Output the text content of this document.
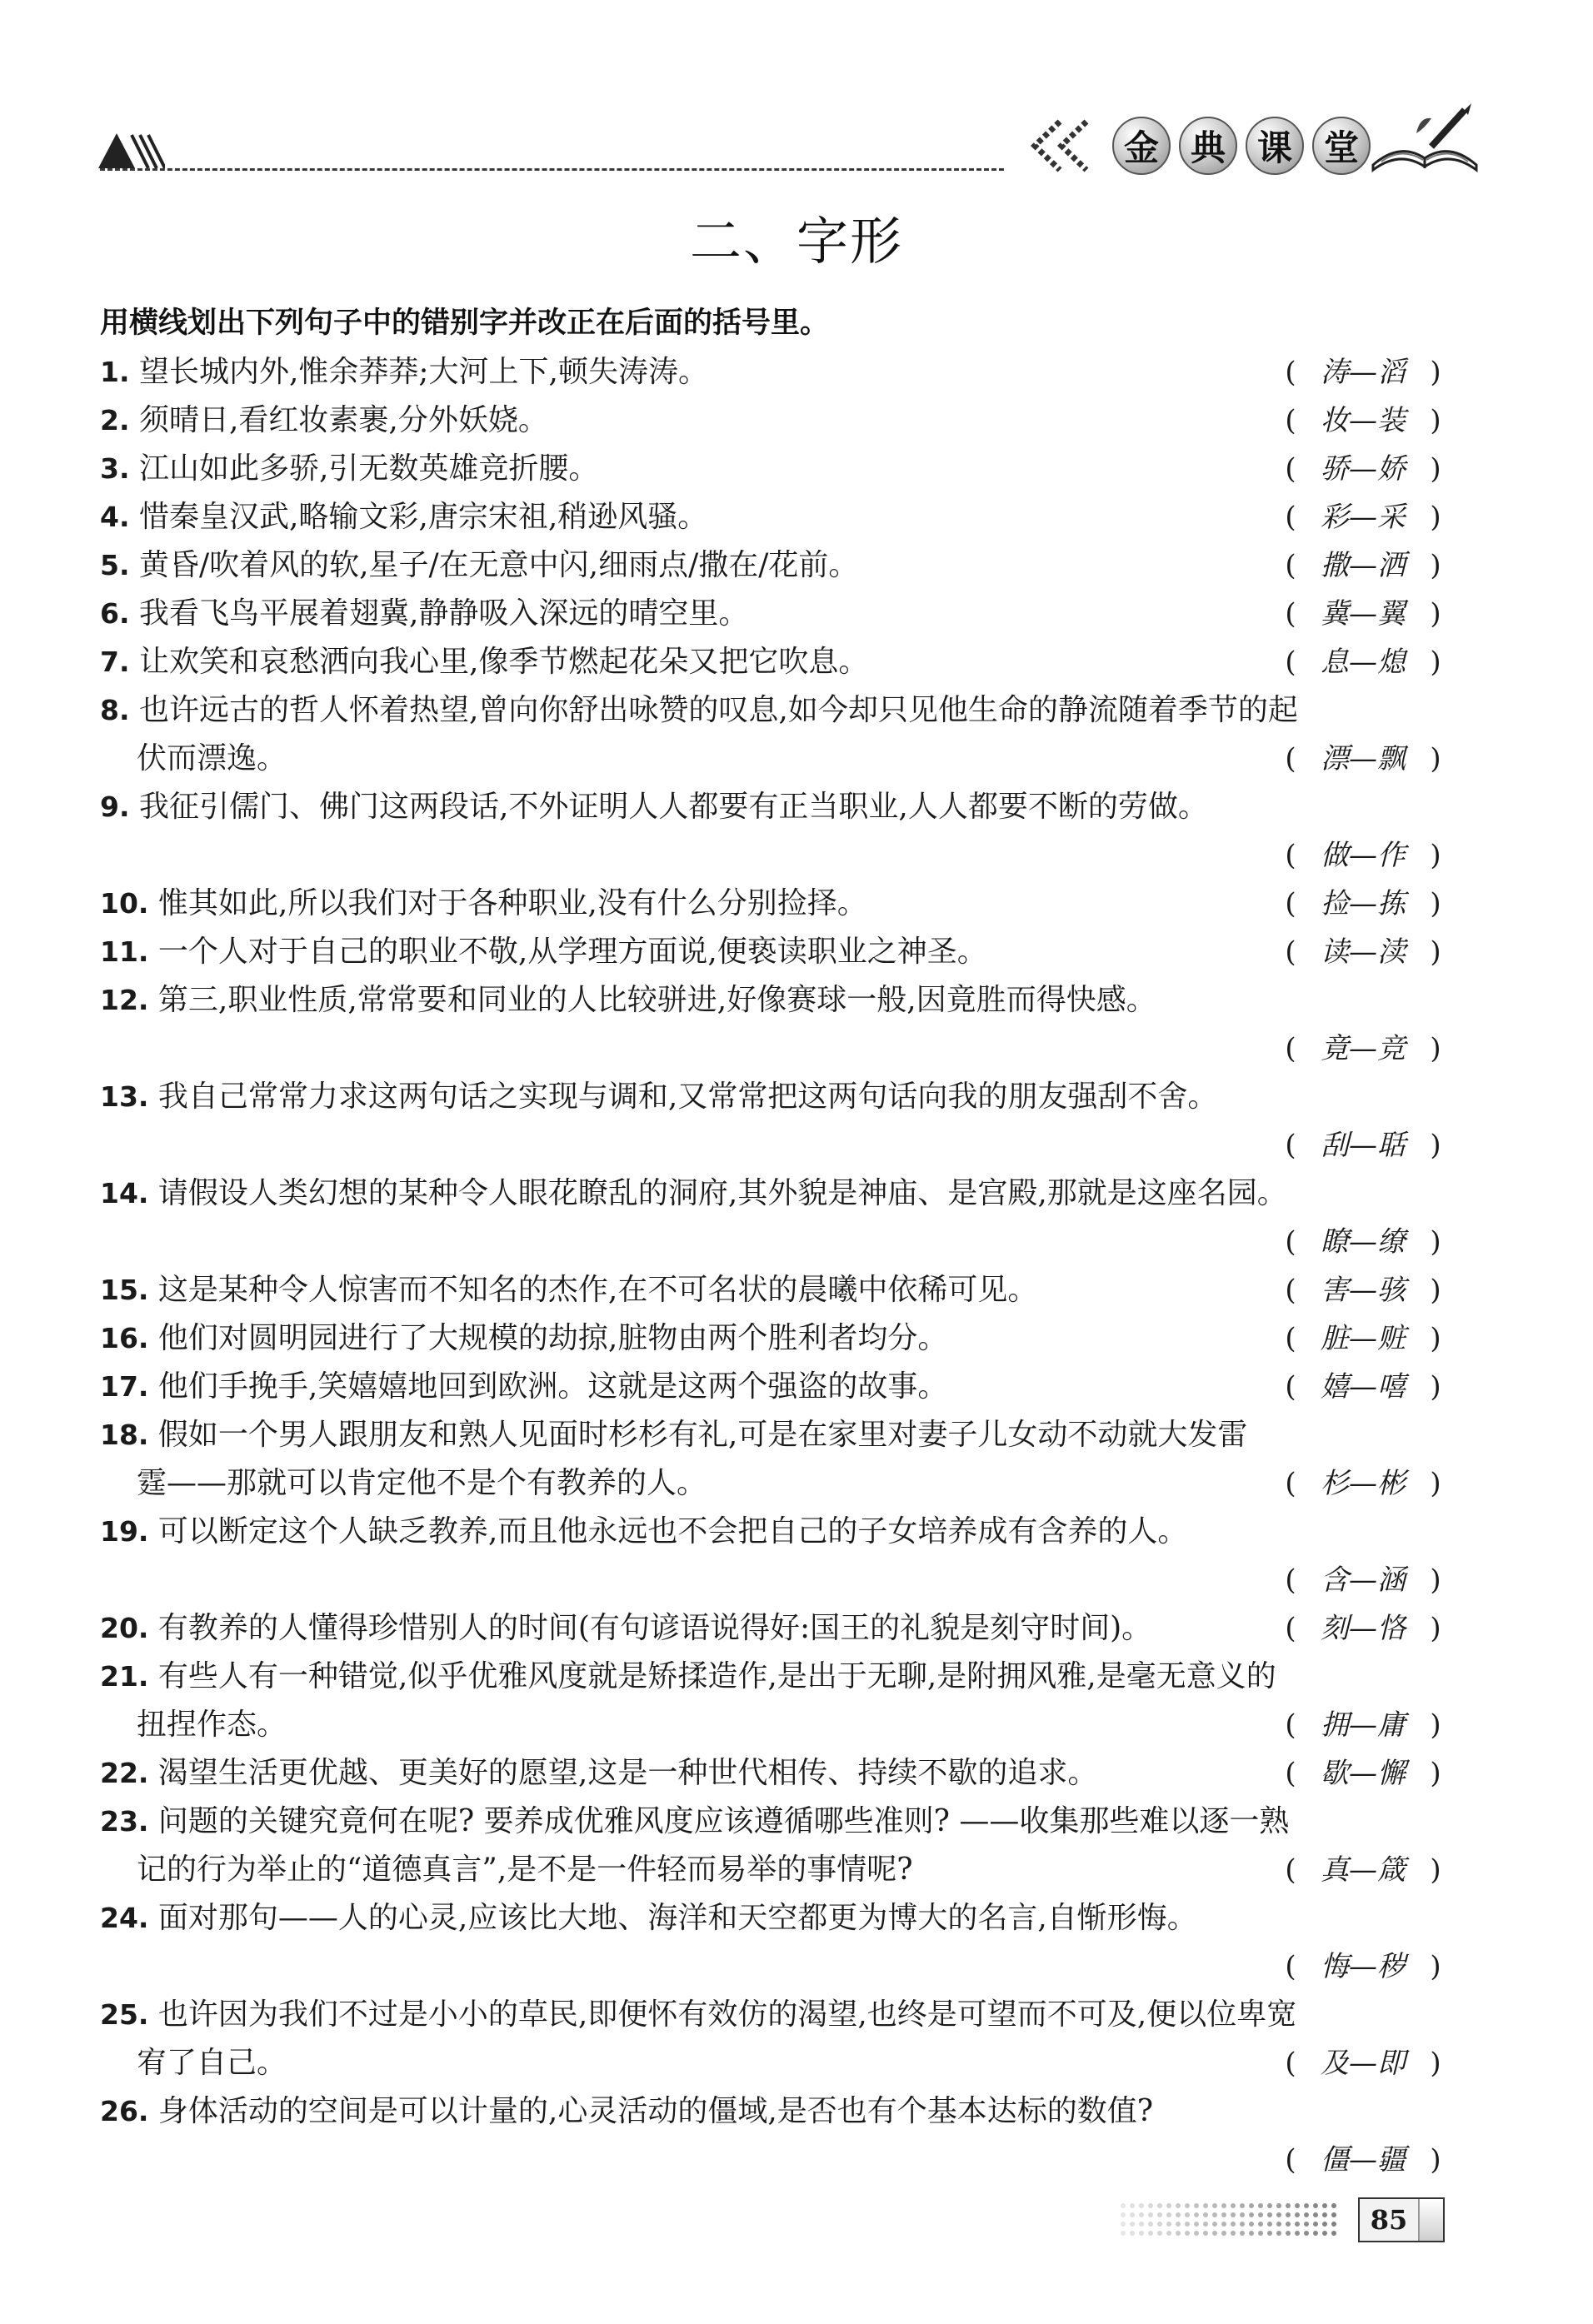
金 典 课 堂
二、字形
用横线划出下列句子中的错别字并改正在后面的括号里。
1. 望长城内外,惟余莽莽;大河上下,顿失涛涛。	( 涛—滔 )
2. 须晴日,看红妆素裹,分外妖娆。	( 妆—装 )
3. 江山如此多骄,引无数英雄竞折腰。	( 骄—娇 )
4. 惜秦皇汉武,略输文彩,唐宗宋祖,稍逊风骚。	( 彩—采 )
5. 黄昏/吹着风的软,星子/在无意中闪,细雨点/撒在/花前。	( 撒—洒 )
6. 我看飞鸟平展着翅冀,静静吸入深远的晴空里。	( 冀—翼 )
7. 让欢笑和哀愁洒向我心里,像季节燃起花朵又把它吹息。	( 息—熄 )
8. 也许远古的哲人怀着热望,曾向你舒出咏赞的叹息,如今却只见他生命的静流随着季节的起
伏而漂逸。	( 漂—飘 )
9. 我征引儒门、佛门这两段话,不外证明人人都要有正当职业,人人都要不断的劳做。
( 做—作 )
10. 惟其如此,所以我们对于各种职业,没有什么分别捡择。	( 捡—拣 )
11. 一个人对于自己的职业不敬,从学理方面说,便亵读职业之神圣。	( 读—渎 )
12. 第三,职业性质,常常要和同业的人比较骈进,好像赛球一般,因竟胜而得快感。
( 竟—竞 )
13. 我自己常常力求这两句话之实现与调和,又常常把这两句话向我的朋友强刮不舍。
( 刮—聒 )
14. 请假设人类幻想的某种令人眼花瞭乱的洞府,其外貌是神庙、是宫殿,那就是这座名园。
( 瞭—缭 )
15. 这是某种令人惊害而不知名的杰作,在不可名状的晨曦中依稀可见。	( 害—骇 )
16. 他们对圆明园进行了大规模的劫掠,脏物由两个胜利者均分。	( 脏—赃 )
17. 他们手挽手,笑嬉嬉地回到欧洲。这就是这两个强盗的故事。	( 嬉—嘻 )
18. 假如一个男人跟朋友和熟人见面时杉杉有礼,可是在家里对妻子儿女动不动就大发雷
霆——那就可以肯定他不是个有教养的人。	( 杉—彬 )
19. 可以断定这个人缺乏教养,而且他永远也不会把自己的子女培养成有含养的人。
( 含—涵 )
20. 有教养的人懂得珍惜别人的时间(有句谚语说得好:国王的礼貌是刻守时间)。	( 刻—恪 )
21. 有些人有一种错觉,似乎优雅风度就是矫揉造作,是出于无聊,是附拥风雅,是毫无意义的
扭捏作态。	( 拥—庸 )
22. 渴望生活更优越、更美好的愿望,这是一种世代相传、持续不歇的追求。	( 歇—懈 )
23. 问题的关键究竟何在呢? 要养成优雅风度应该遵循哪些准则? ——收集那些难以逐一熟
记的行为举止的“道德真言”,是不是一件轻而易举的事情呢?	( 真—箴 )
24. 面对那句——人的心灵,应该比大地、海洋和天空都更为博大的名言,自惭形悔。
( 悔—秽 )
25. 也许因为我们不过是小小的草民,即便怀有效仿的渴望,也终是可望而不可及,便以位卑宽
宥了自己。	( 及—即 )
26. 身体活动的空间是可以计量的,心灵活动的僵域,是否也有个基本达标的数值?
( 僵—疆 )
85
